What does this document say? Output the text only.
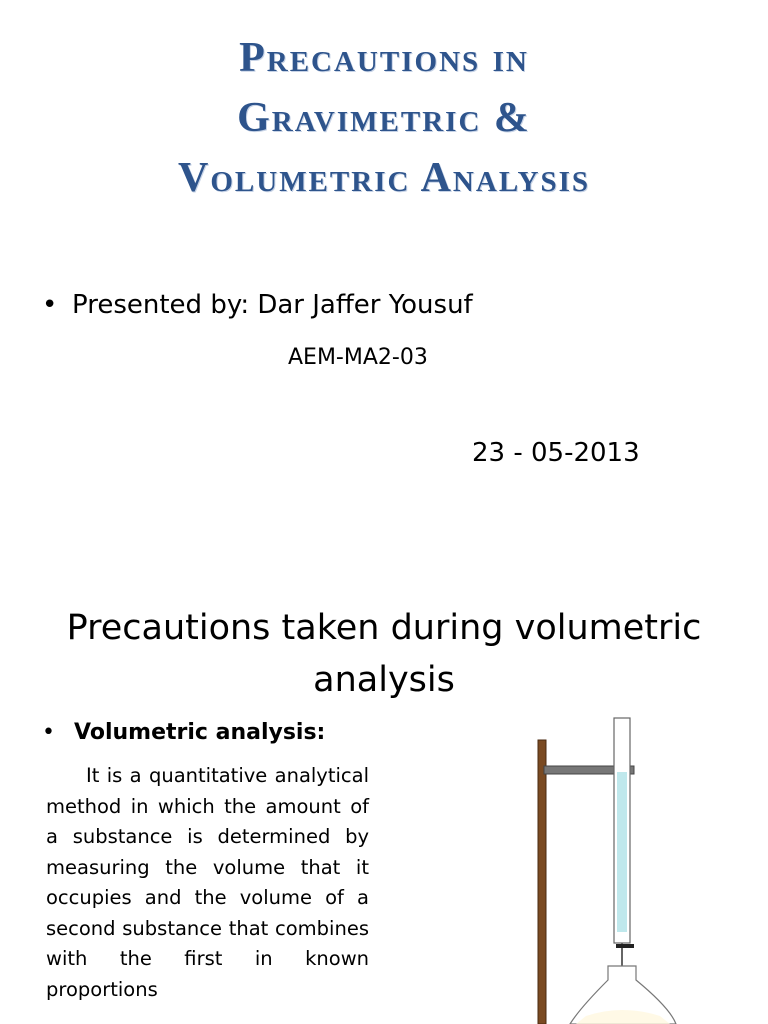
Precautions in
Gravimetric &
Volumetric Analysis
• Presented by: Dar Jaffer Yousuf
AEM-MA2-03
23 - 05-2013
Precautions taken during volumetric
analysis
• Volumetric analysis:
It is a quantitative analytical method in which the amount of a substance is determined by measuring the volume that it occupies and the volume of a second substance that combines with the first in known proportions
